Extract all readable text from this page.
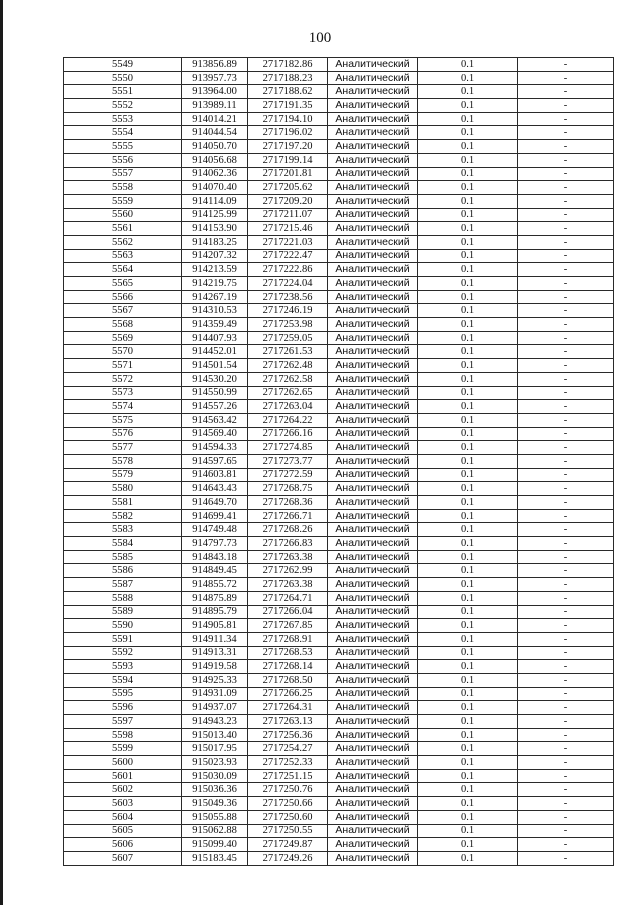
100
5549	913856.89	2717182.86	Аналитический	0.1	-
5550	913957.73	2717188.23	Аналитический	0.1	-
5551	913964.00	2717188.62	Аналитический	0.1	-
5552	913989.11	2717191.35	Аналитический	0.1	-
5553	914014.21	2717194.10	Аналитический	0.1	-
5554	914044.54	2717196.02	Аналитический	0.1	-
5555	914050.70	2717197.20	Аналитический	0.1	-
5556	914056.68	2717199.14	Аналитический	0.1	-
5557	914062.36	2717201.81	Аналитический	0.1	-
5558	914070.40	2717205.62	Аналитический	0.1	-
5559	914114.09	2717209.20	Аналитический	0.1	-
5560	914125.99	2717211.07	Аналитический	0.1	-
5561	914153.90	2717215.46	Аналитический	0.1	-
5562	914183.25	2717221.03	Аналитический	0.1	-
5563	914207.32	2717222.47	Аналитический	0.1	-
5564	914213.59	2717222.86	Аналитический	0.1	-
5565	914219.75	2717224.04	Аналитический	0.1	-
5566	914267.19	2717238.56	Аналитический	0.1	-
5567	914310.53	2717246.19	Аналитический	0.1	-
5568	914359.49	2717253.98	Аналитический	0.1	-
5569	914407.93	2717259.05	Аналитический	0.1	-
5570	914452.01	2717261.53	Аналитический	0.1	-
5571	914501.54	2717262.48	Аналитический	0.1	-
5572	914530.20	2717262.58	Аналитический	0.1	-
5573	914550.99	2717262.65	Аналитический	0.1	-
5574	914557.26	2717263.04	Аналитический	0.1	-
5575	914563.42	2717264.22	Аналитический	0.1	-
5576	914569.40	2717266.16	Аналитический	0.1	-
5577	914594.33	2717274.85	Аналитический	0.1	-
5578	914597.65	2717273.77	Аналитический	0.1	-
5579	914603.81	2717272.59	Аналитический	0.1	-
5580	914643.43	2717268.75	Аналитический	0.1	-
5581	914649.70	2717268.36	Аналитический	0.1	-
5582	914699.41	2717266.71	Аналитический	0.1	-
5583	914749.48	2717268.26	Аналитический	0.1	-
5584	914797.73	2717266.83	Аналитический	0.1	-
5585	914843.18	2717263.38	Аналитический	0.1	-
5586	914849.45	2717262.99	Аналитический	0.1	-
5587	914855.72	2717263.38	Аналитический	0.1	-
5588	914875.89	2717264.71	Аналитический	0.1	-
5589	914895.79	2717266.04	Аналитический	0.1	-
5590	914905.81	2717267.85	Аналитический	0.1	-
5591	914911.34	2717268.91	Аналитический	0.1	-
5592	914913.31	2717268.53	Аналитический	0.1	-
5593	914919.58	2717268.14	Аналитический	0.1	-
5594	914925.33	2717268.50	Аналитический	0.1	-
5595	914931.09	2717266.25	Аналитический	0.1	-
5596	914937.07	2717264.31	Аналитический	0.1	-
5597	914943.23	2717263.13	Аналитический	0.1	-
5598	915013.40	2717256.36	Аналитический	0.1	-
5599	915017.95	2717254.27	Аналитический	0.1	-
5600	915023.93	2717252.33	Аналитический	0.1	-
5601	915030.09	2717251.15	Аналитический	0.1	-
5602	915036.36	2717250.76	Аналитический	0.1	-
5603	915049.36	2717250.66	Аналитический	0.1	-
5604	915055.88	2717250.60	Аналитический	0.1	-
5605	915062.88	2717250.55	Аналитический	0.1	-
5606	915099.40	2717249.87	Аналитический	0.1	-
5607	915183.45	2717249.26	Аналитический	0.1	-
